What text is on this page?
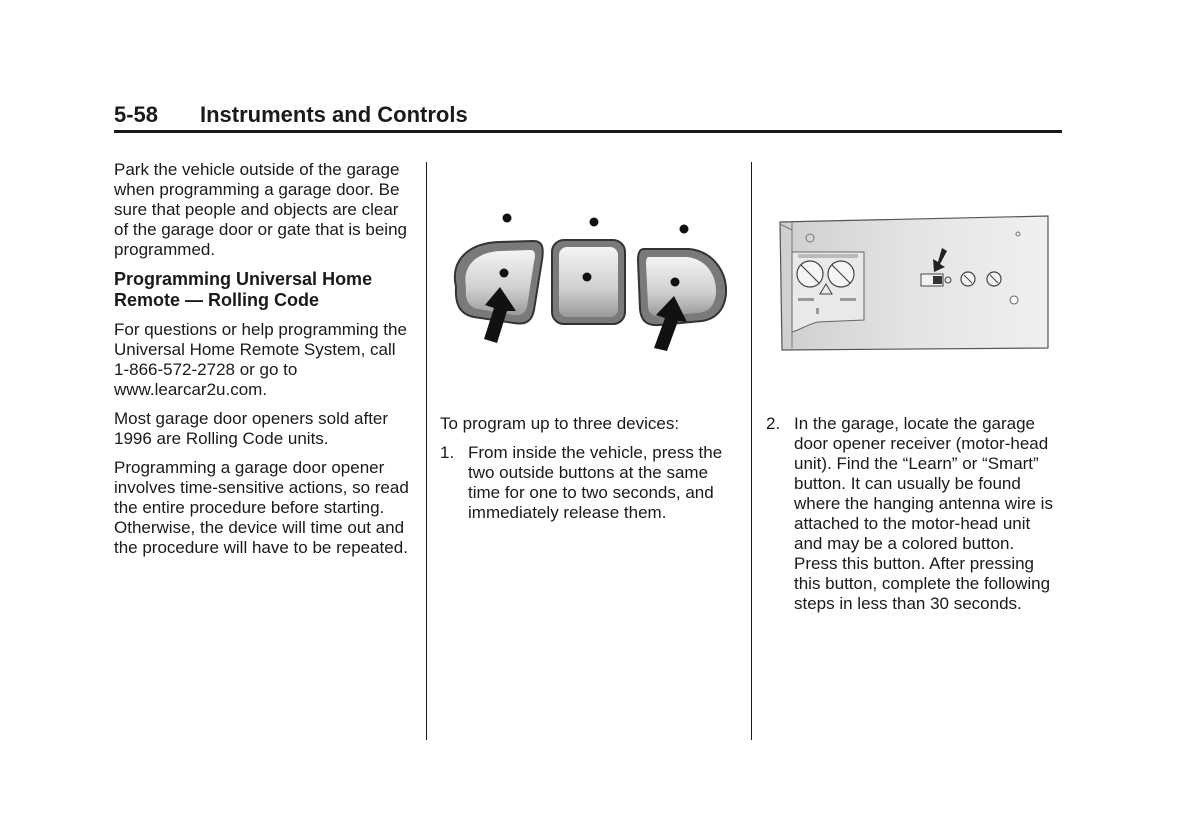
5-58 Instruments and Controls

Park the vehicle outside of the garage when programming a garage door. Be sure that people and objects are clear of the garage door or gate that is being programmed.

Programming Universal Home Remote — Rolling Code

For questions or help programming the Universal Home Remote System, call 1-866-572-2728 or go to www.learcar2u.com.

Most garage door openers sold after 1996 are Rolling Code units.

Programming a garage door opener involves time-sensitive actions, so read the entire procedure before starting. Otherwise, the device will time out and the procedure will have to be repeated.

To program up to three devices:

1. From inside the vehicle, press the two outside buttons at the same time for one to two seconds, and immediately release them.
2. In the garage, locate the garage door opener receiver (motor-head unit). Find the “Learn” or “Smart” button. It can usually be found where the hanging antenna wire is attached to the motor-head unit and may be a colored button. Press this button. After pressing this button, complete the following steps in less than 30 seconds.
